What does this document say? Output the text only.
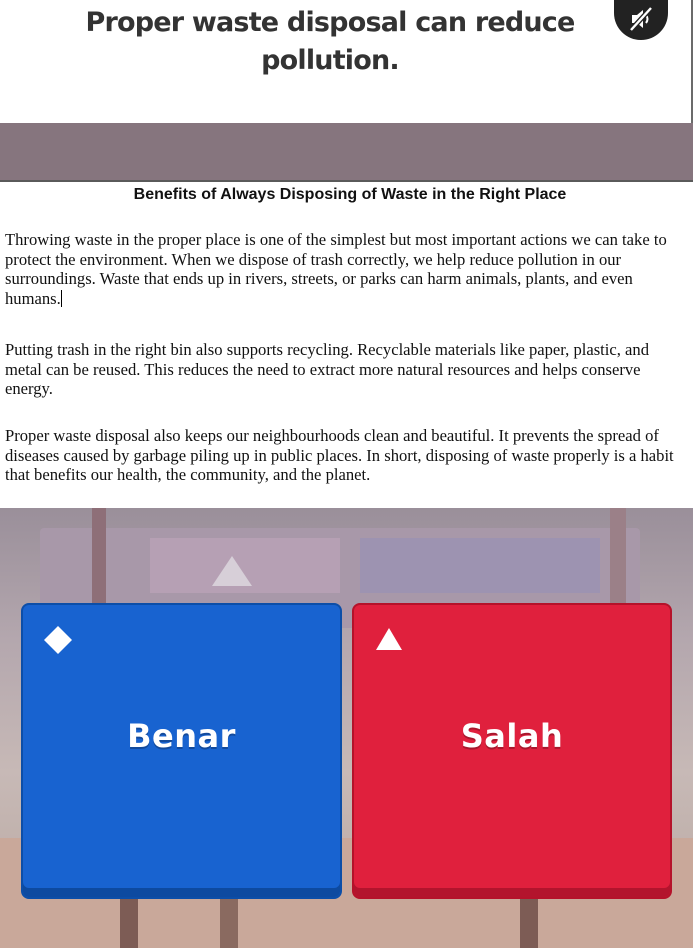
Proper waste disposal can reduce pollution.
Benefits of Always Disposing of Waste in the Right Place

Throwing waste in the proper place is one of the simplest but most important actions we can take to protect the environment. When we dispose of trash correctly, we help reduce pollution in our surroundings. Waste that ends up in rivers, streets, or parks can harm animals, plants, and even humans.

Putting trash in the right bin also supports recycling. Recyclable materials like paper, plastic, and metal can be reused. This reduces the need to extract more natural resources and helps conserve energy.

Proper waste disposal also keeps our neighbourhoods clean and beautiful. It prevents the spread of diseases caused by garbage piling up in public places. In short, disposing of waste properly is a habit that benefits our health, the community, and the planet.

Benar	Salah
